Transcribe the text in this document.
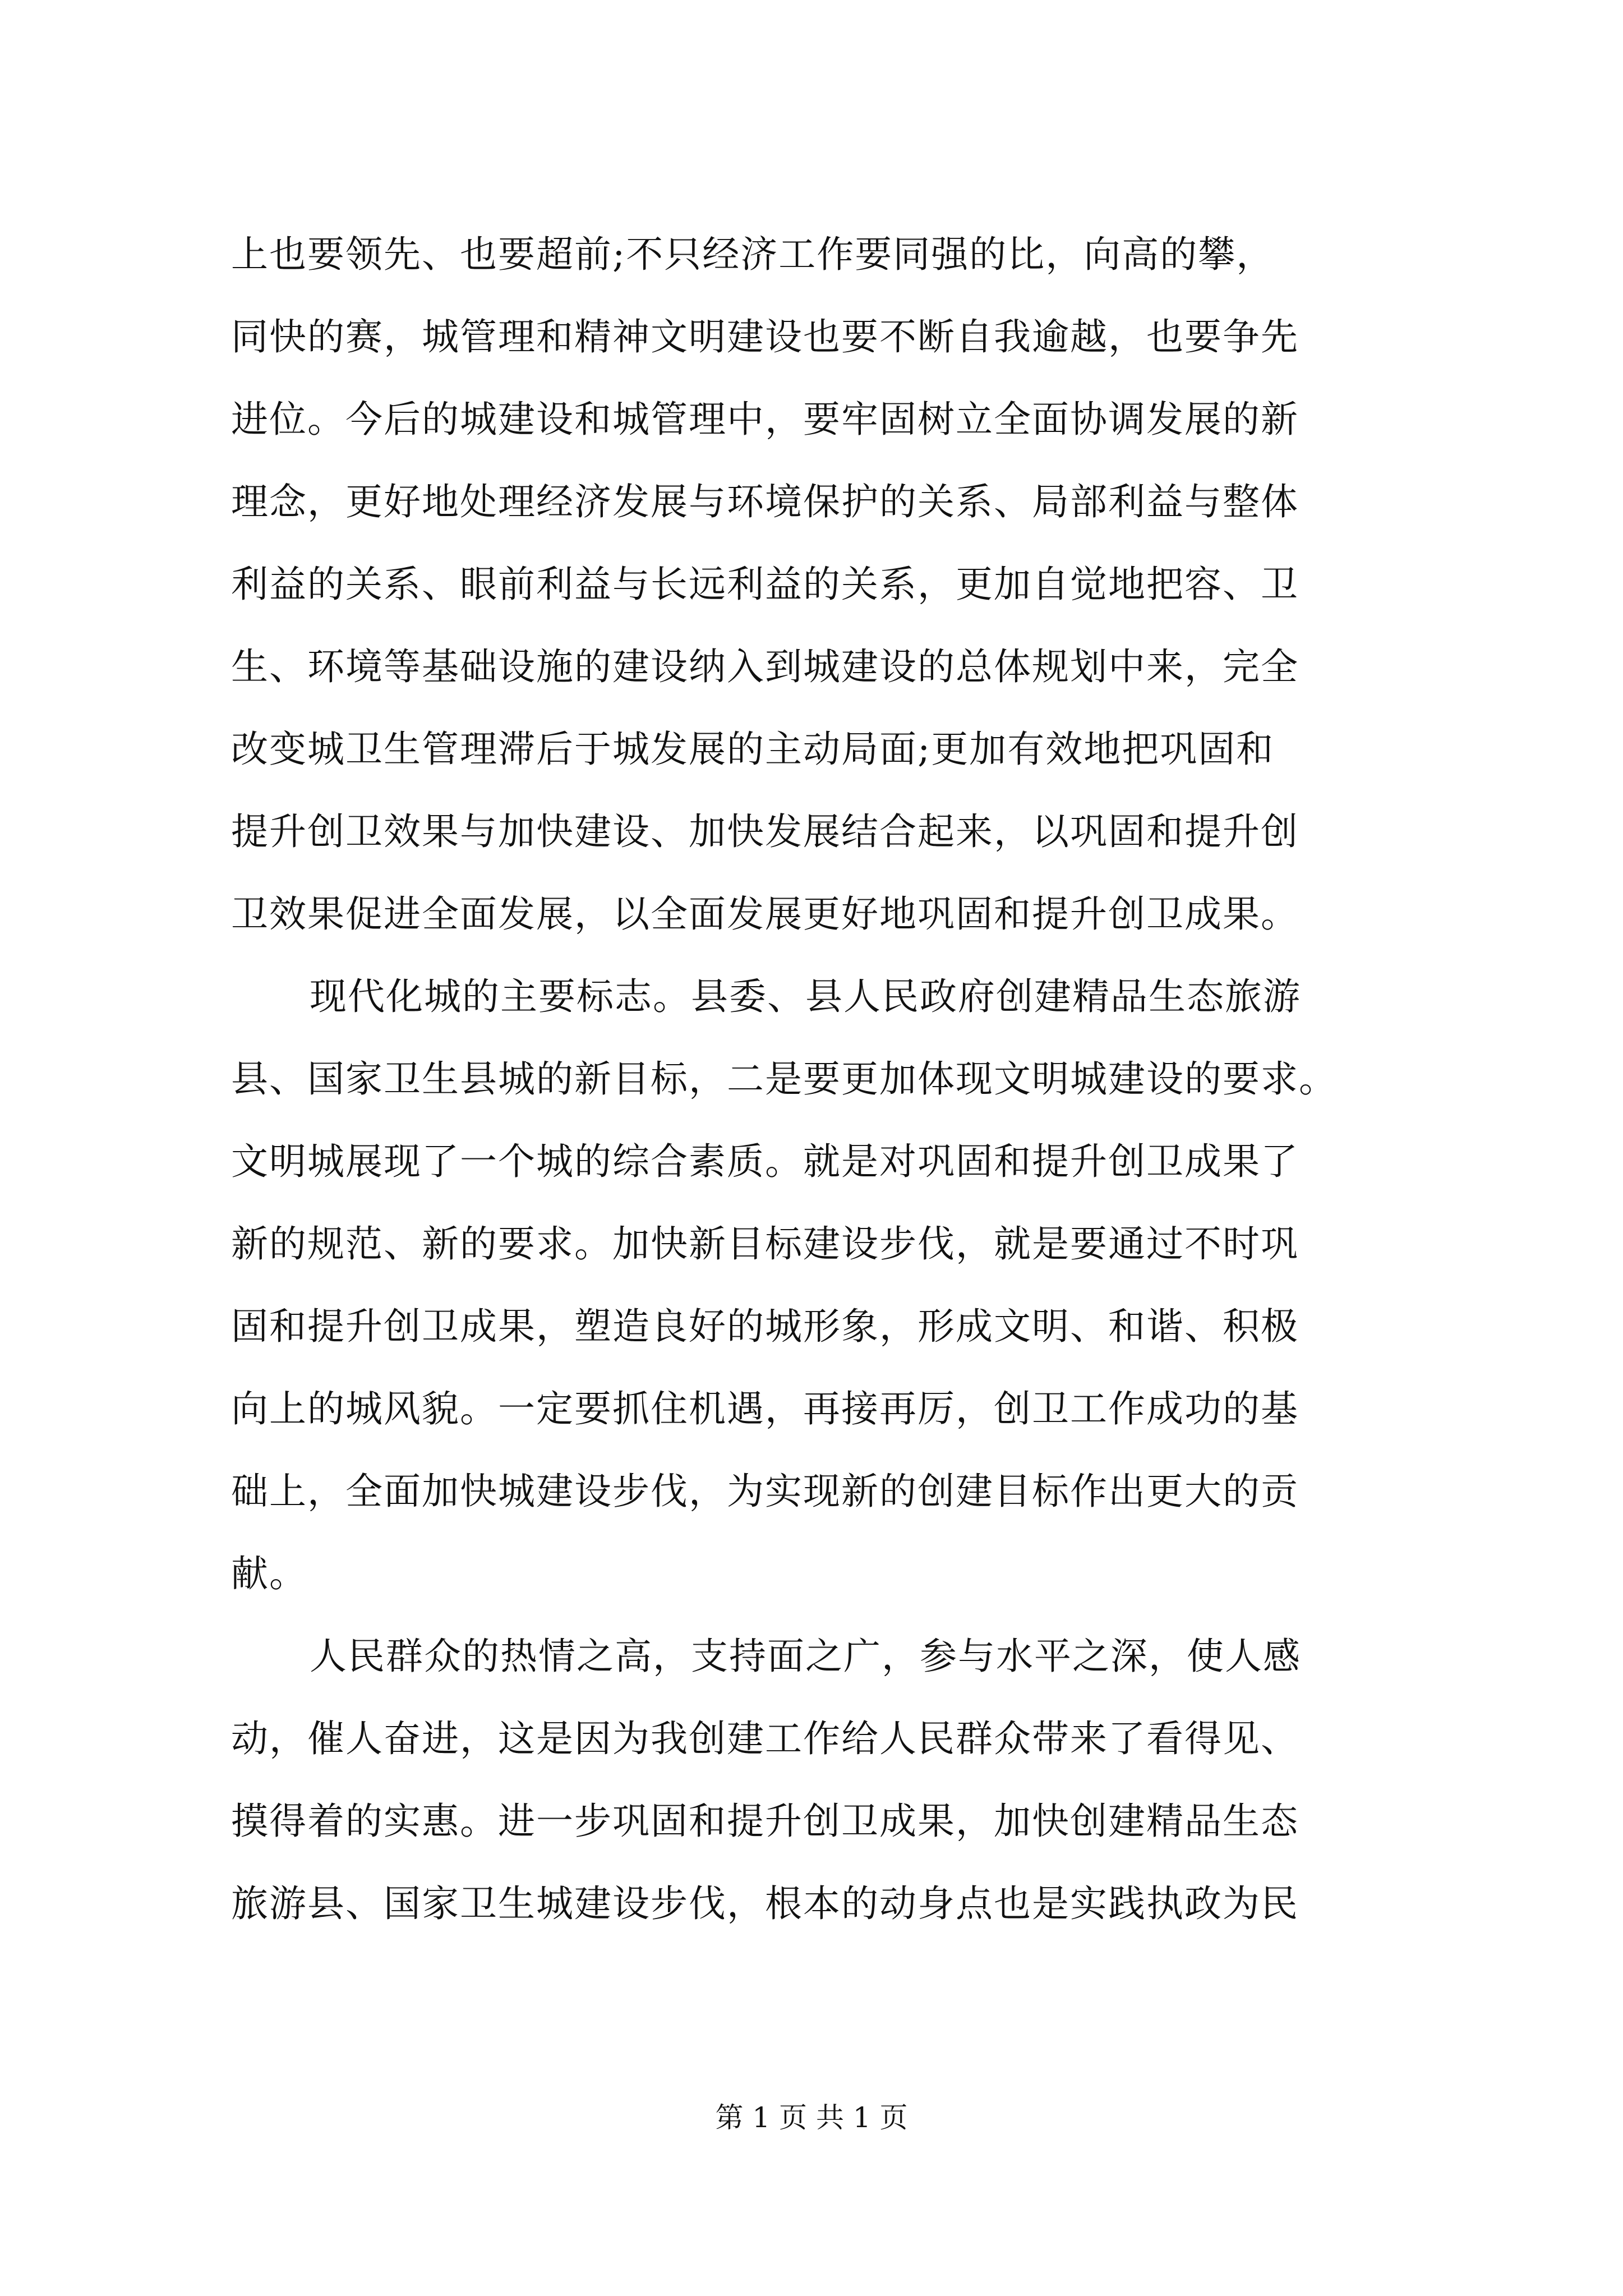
上也要领先、也要超前;不只经济工作要同强的比，向高的攀，
同快的赛，城管理和精神文明建设也要不断自我逾越，也要争先
进位。今后的城建设和城管理中，要牢固树立全面协调发展的新
理念，更好地处理经济发展与环境保护的关系、局部利益与整体
利益的关系、眼前利益与长远利益的关系，更加自觉地把容、卫
生、环境等基础设施的建设纳入到城建设的总体规划中来，完全
改变城卫生管理滞后于城发展的主动局面;更加有效地把巩固和
提升创卫效果与加快建设、加快发展结合起来，以巩固和提升创
卫效果促进全面发展，以全面发展更好地巩固和提升创卫成果。
现代化城的主要标志。县委、县人民政府创建精品生态旅游
县、国家卫生县城的新目标，二是要更加体现文明城建设的要求。
文明城展现了一个城的综合素质。就是对巩固和提升创卫成果了
新的规范、新的要求。加快新目标建设步伐，就是要通过不时巩
固和提升创卫成果，塑造良好的城形象，形成文明、和谐、积极
向上的城风貌。一定要抓住机遇，再接再厉，创卫工作成功的基
础上，全面加快城建设步伐，为实现新的创建目标作出更大的贡
献。
人民群众的热情之高，支持面之广，参与水平之深，使人感
动，催人奋进，这是因为我创建工作给人民群众带来了看得见、
摸得着的实惠。进一步巩固和提升创卫成果，加快创建精品生态
旅游县、国家卫生城建设步伐，根本的动身点也是实践执政为民
第 1 页 共 1 页
